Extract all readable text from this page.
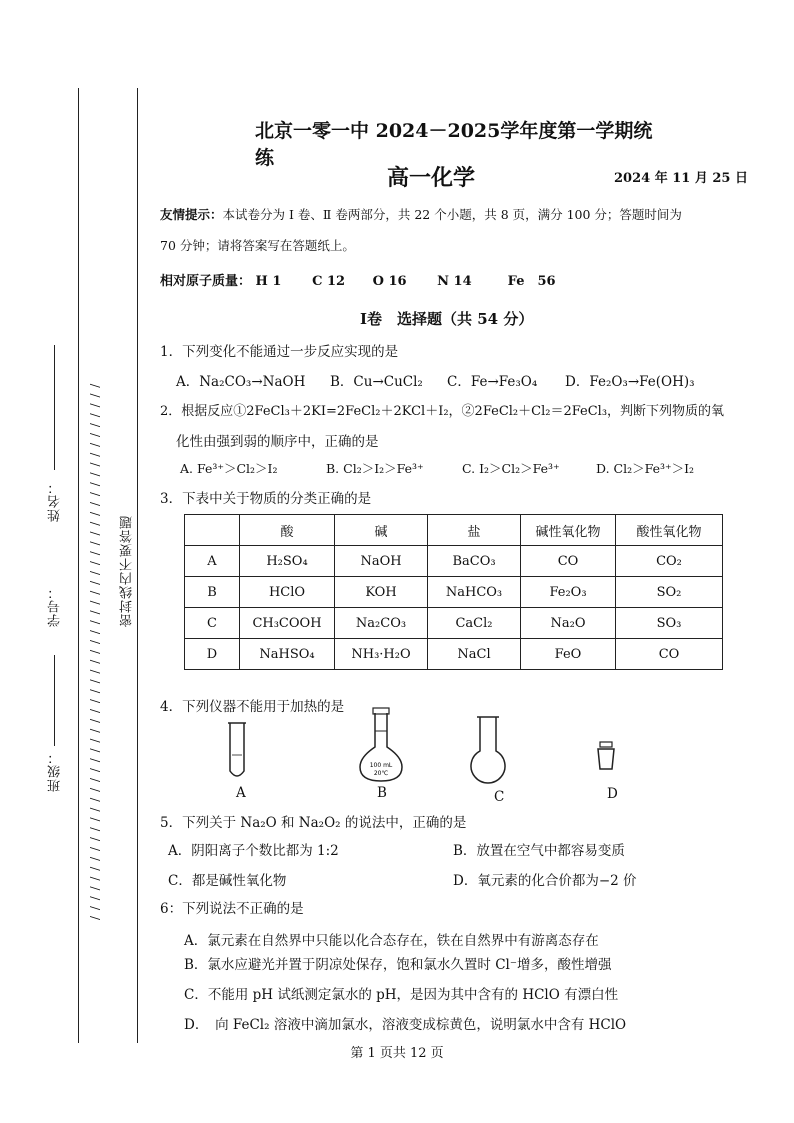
/ / / / / / / / / / / / / / / / / / / / / / / / / / / / / / / / / / / / / / / / / / / / / / / / / / / / / / / 密封线内不要答题
姓名：
学号：
班级：
北京一零一中 2024－2025学年度第一学期统练
高一化学	2024 年 11 月 25 日
友情提示：本试卷分为 Ⅰ 卷、Ⅱ 卷两部分，共 22 个小题，共 8 页，满分 100 分；答题时间为
70 分钟；请将答案写在答题纸上。
相对原子质量： H 1 C 12 O 16 N 14	Fe　56
Ⅰ卷　选择题（共 54 分）
1．下列变化不能通过一步反应实现的是
A．Na₂CO₃→NaOH B．Cu→CuCl₂ C．Fe→Fe₃O₄ D．Fe₂O₃→Fe(OH)₃
2．根据反应①2FeCl₃＋2KI=2FeCl₂＋2KCl＋I₂，②2FeCl₂＋Cl₂＝2FeCl₃，判断下列物质的氧
化性由强到弱的顺序中，正确的是
A. Fe³⁺＞Cl₂＞I₂	B. Cl₂＞I₂＞Fe³⁺	C. I₂＞Cl₂＞Fe³⁺	D. Cl₂＞Fe³⁺＞I₂
3．下表中关于物质的分类正确的是
	酸	碱	盐	碱性氧化物	酸性氧化物
A	H₂SO₄	NaOH	BaCO₃	CO	CO₂
B	HClO	KOH	NaHCO₃	Fe₂O₃	SO₂
C	CH₃COOH	Na₂CO₃	CaCl₂	Na₂O	SO₃
D	NaHSO₄	NH₃·H₂O	NaCl	FeO	CO
4．下列仪器不能用于加热的是
100 mL
20℃
A	B	C	D
5．下列关于 Na₂O 和 Na₂O₂ 的说法中，正确的是
A．阴阳离子个数比都为 1:2	B．放置在空气中都容易变质
C．都是碱性氧化物	D．氧元素的化合价都为−2 价
6：下列说法不正确的是
A．氯元素在自然界中只能以化合态存在，铁在自然界中有游离态存在
B．氯水应避光并置于阴凉处保存，饱和氯水久置时 Cl⁻增多，酸性增强
C．不能用 pH 试纸测定氯水的 pH，是因为其中含有的 HClO 有漂白性
D．　向 FeCl₂ 溶液中滴加氯水，溶液变成棕黄色，说明氯水中含有 HClO
第 1 页共 12 页
